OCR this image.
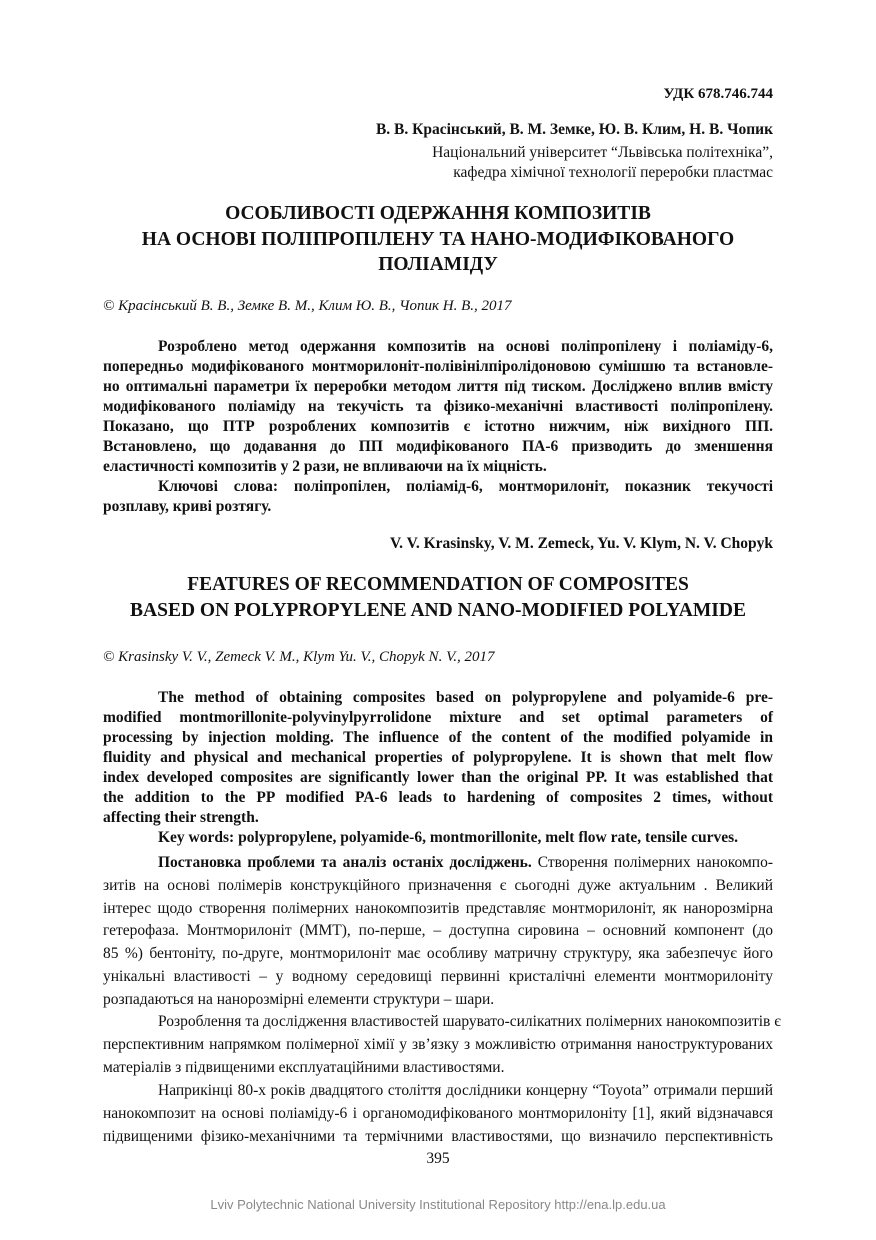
УДК 678.746.744
В. В. Красінський, В. М. Земке, Ю. В. Клим, Н. В. Чопик
Національний університет “Львівська політехніка”,
кафедра хімічної технології переробки пластмас
ОСОБЛИВОСТІ ОДЕРЖАННЯ КОМПОЗИТІВ
НА ОСНОВІ ПОЛІПРОПІЛЕНУ ТА НАНО-МОДИФІКОВАНОГО
ПОЛІАМІДУ
© Красінський В. В., Земке В. М., Клим Ю. В., Чопик Н. В., 2017
Розроблено метод одержання композитів на основі поліпропілену і поліаміду-6,
попередньо модифікованого монтморилоніт-полівінілпіролідоновою сумішшю та встановле-
но оптимальні параметри їх переробки методом лиття під тиском. Досліджено вплив вмісту
модифікованого поліаміду на текучість та фізико-механічні властивості поліпропілену.
Показано, що ПТР розроблених композитів є істотно нижчим, ніж вихідного ПП.
Встановлено, що додавання до ПП модифікованого ПА-6 призводить до зменшення
еластичності композитів у 2 рази, не впливаючи на їх міцність.
Ключові слова: поліпропілен, поліамід-6, монтморилоніт, показник текучості
розплаву, криві розтягу.
V. V. Krasinsky, V. M. Zemeck, Yu. V. Klym, N. V. Chopyk
FEATURES OF RECOMMENDATION OF COMPOSITES
BASED ON POLYPROPYLENE AND NANO-MODIFIED POLYAMIDE
© Krasinsky V. V., Zemeck V. M., Klym Yu. V., Chopyk N. V., 2017
The method of obtaining composites based on polypropylene and polyamide-6 pre-
modified montmorillonite-polyvinylpyrrolidone mixture and set optimal parameters of
processing by injection molding. The influence of the content of the modified polyamide in
fluidity and physical and mechanical properties of polypropylene. It is shown that melt flow
index developed composites are significantly lower than the original PP. It was established that
the addition to the PP modified PA-6 leads to hardening of composites 2 times, without
affecting their strength.
Key words: polypropylene, polyamide-6, montmorillonite, melt flow rate, tensile curves.
Постановка проблеми та аналіз останіх досліджень. Створення полімерних нанокомпо-
зитів на основі полімерів конструкційного призначення є сьогодні дуже актуальним . Великий
інтерес щодо створення полімерних нанокомпозитів представляє монтморилоніт, як нанорозмірна
гетерофаза. Монтморилоніт (ММТ), по-перше, – доступна сировина – основний компонент (до
85 %) бентоніту, по-друге, монтморилоніт має особливу матричну структуру, яка забезпечує його
унікальні властивості – у водному середовищі первинні кристалічні елементи монтморилоніту
розпадаються на нанорозмірні елементи структури – шари.
Розроблення та дослідження властивостей шарувато-силікатних полімерних нанокомпозитів є
перспективним напрямком полімерної хімії у зв’язку з можливістю отримання наноструктурованих
матеріалів з підвищеними експлуатаційними властивостями.
Наприкінці 80-х років двадцятого століття дослідники концерну “Toyota” отримали перший
нанокомпозит на основі поліаміду-6 і органомодифікованого монтморилоніту [1], який відзначався
підвищеними фізико-механічними та термічними властивостями, що визначило перспективність
395
Lviv Polytechnic National University Institutional Repository http://ena.lp.edu.ua
